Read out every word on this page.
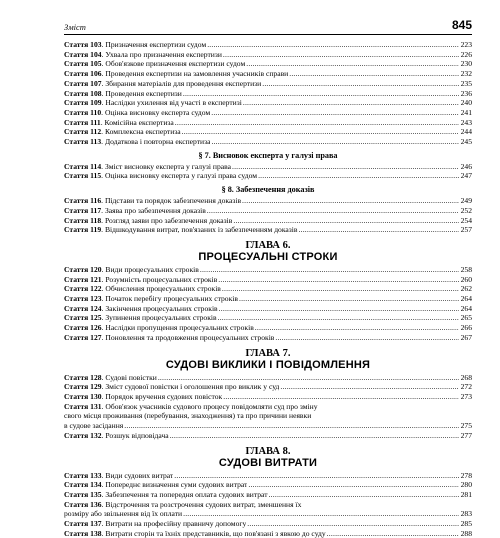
Зміст	845
Стаття 103 . Призначення експертизи судом .....	223
Стаття 104 . Ухвала про призначення експертизи .....	226
Стаття 105 . Обов'язкове призначення експертизи судом .....	230
Стаття 106 . Проведення експертизи на замовлення учасників справи .....	232
Стаття 107 . Збирання матеріалів для проведення експертизи .....	235
Стаття 108 . Проведення експертизи .....	236
Стаття 109 . Наслідки ухилення від участі в експертизі .....	240
Стаття 110 . Оцінка висновку експерта судом .....	241
Стаття 111 . Комісійна експертиза .....	243
Стаття 112 . Комплексна експертиза .....	244
Стаття 113 . Додаткова і повторна експертиза .....	245
§ 7. Висновок експерта у галузі права
Стаття 114 . Зміст висновку експерта у галузі права .....	246
Стаття 115 . Оцінка висновку експерта у галузі права судом .....	247
§ 8. Забезпечення доказів
Стаття 116 . Підстави та порядок забезпечення доказів .....	249
Стаття 117 . Заява про забезпечення доказів .....	252
Стаття 118 . Розгляд заяви про забезпечення доказів .....	254
Стаття 119 . Відшкодування витрат, пов'язаних із забезпеченням доказів .....	257
ГЛАВА 6.
ПРОЦЕСУАЛЬНІ СТРОКИ
Стаття 120 . Види процесуальних строків .....	258
Стаття 121 . Розумність процесуальних строків .....	260
Стаття 122 . Обчислення процесуальних строків .....	262
Стаття 123 . Початок перебігу процесуальних строків .....	264
Стаття 124 . Закінчення процесуальних строків .....	264
Стаття 125 . Зупинення процесуальних строків .....	265
Стаття 126 . Наслідки пропущення процесуальних строків .....	266
Стаття 127 . Поновлення та продовження процесуальних строків .....	267
ГЛАВА 7.
СУДОВІ ВИКЛИКИ І ПОВІДОМЛЕННЯ
Стаття 128 . Судові повістки .....	268
Стаття 129 . Зміст судової повістки і оголошення про виклик у суд .....	272
Стаття 130 . Порядок вручення судових повісток .....	273
Стаття 131. Обов'язок учасників судового процесу повідомляти суд про зміну
свого місця проживання (перебування, знаходження) та про причини неявки

в судове засідання .....	275
Стаття 132 . Розшук відповідача .....	277
ГЛАВА 8.
СУДОВІ ВИТРАТИ
Стаття 133 . Види судових витрат .....	278
Стаття 134 . Попереднє визначення суми судових витрат .....	280
Стаття 135 . Забезпечення та попередня оплата судових витрат .....	281
Стаття 136. Відстрочення та розстрочення судових витрат, зменшення їх

розміру або звільнення від їх оплати .....	283
Стаття 137 . Витрати на професійну правничу допомогу .....	285
Стаття 138 . Витрати сторін та їхніх представників, що пов'язані з явкою до суду .....	288
